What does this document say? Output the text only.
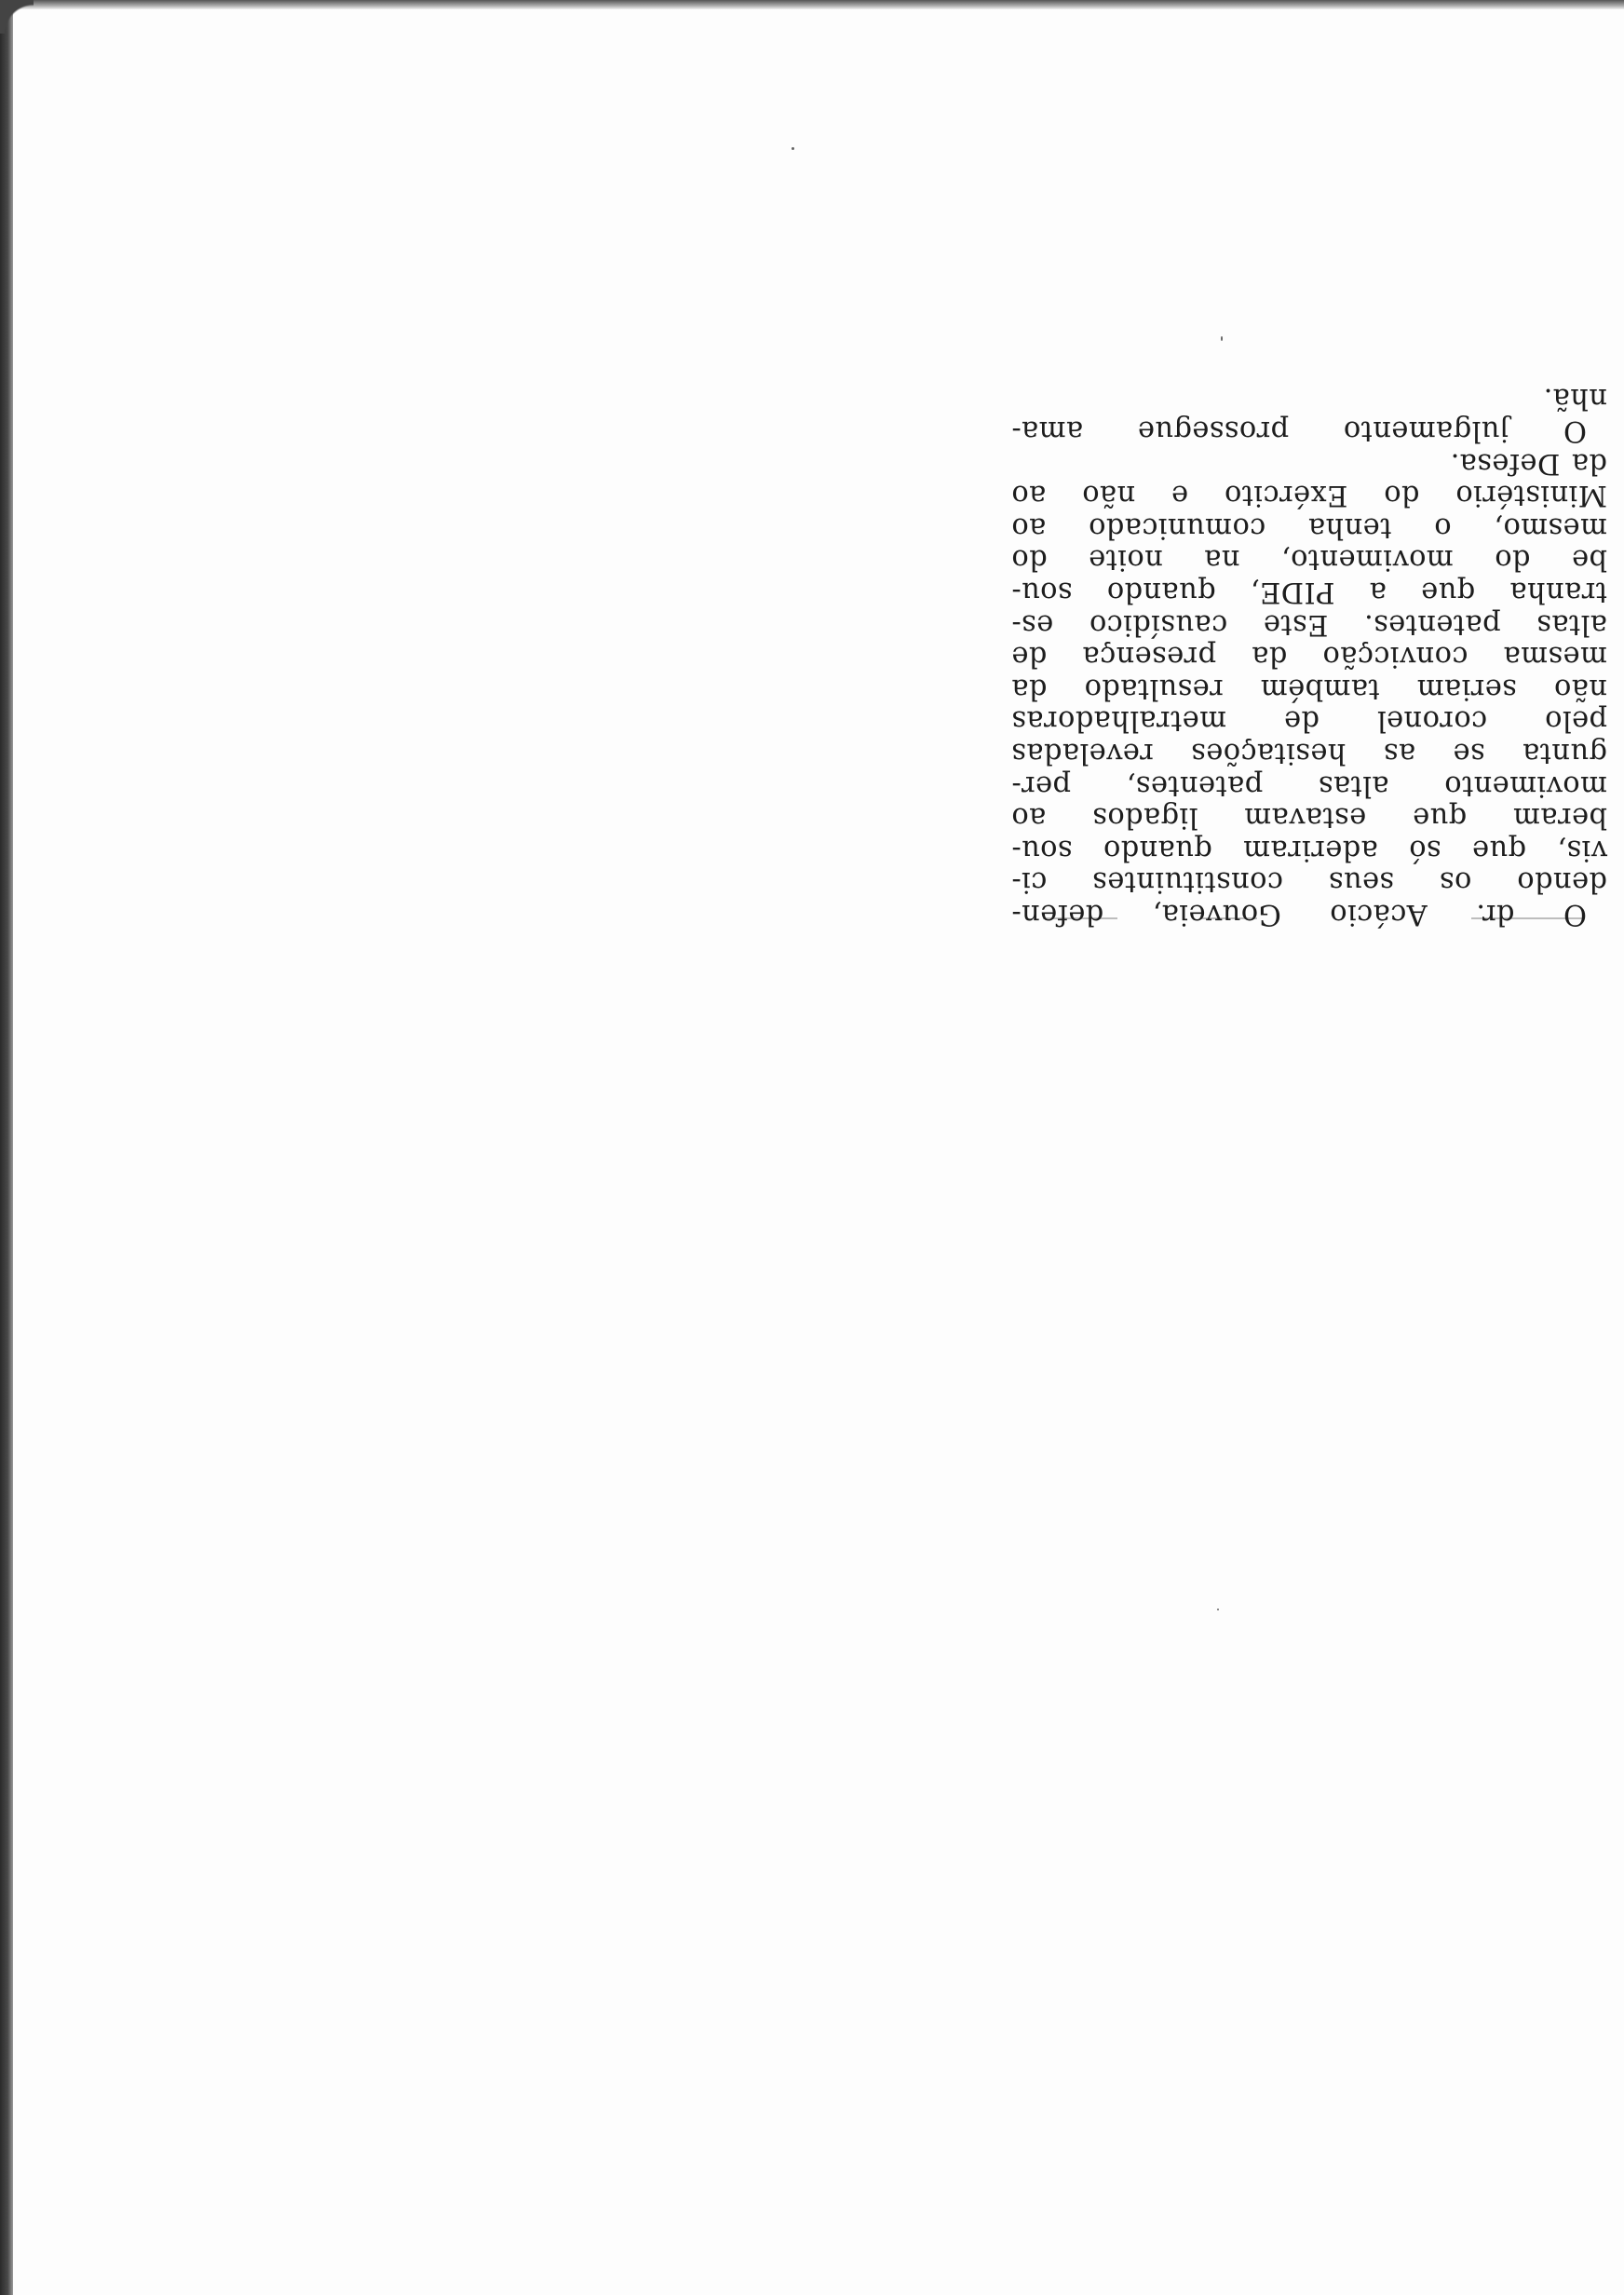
O dr. Acácio Gouveia, defen-
dendo os seus constituintes ci-
vis, que só aderiram quando sou-
beram que estavam ligados ao
movimento altas patentes, per-
gunta se as hesitações reveladas
pelo coronel de metralhadoras
não seriam também resultado da
mesma convicção da presença de
altas patentes. Este causídico es-
tranha que a PIDE, quando sou-
be do movimento, na noite do
mesmo, o tenha comunicado ao
Ministério do Exército e não ao
da Defesa.
O julgamento prossegue ama-
nhã.
